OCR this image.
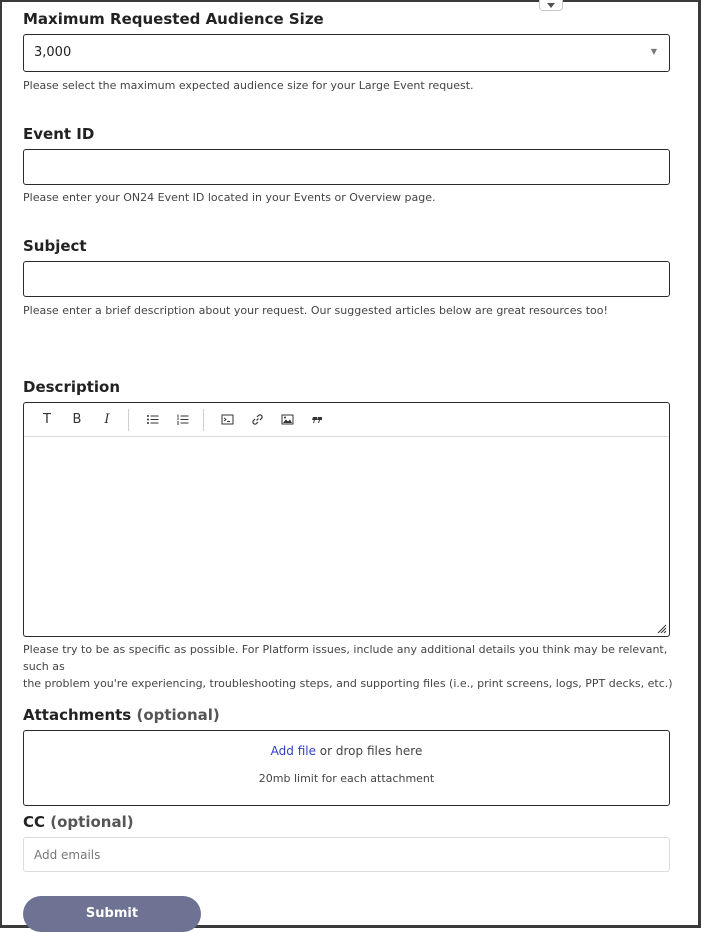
Maximum Requested Audience Size
3,000	▼
Please select the maximum expected audience size for your Large Event request.
Event ID
Please enter your ON24 Event ID located in your Events or Overview page.
Subject
Please enter a brief description about your request. Our suggested articles below are great resources too!
Description
T B I
Please try to be as specific as possible. For Platform issues, include any additional details you think may be relevant, such as
the problem you're experiencing, troubleshooting steps, and supporting files (i.e., print screens, logs, PPT decks, etc.)
Attachments (optional)
Add file or drop files here
20mb limit for each attachment
CC (optional)
Add emails
Submit
